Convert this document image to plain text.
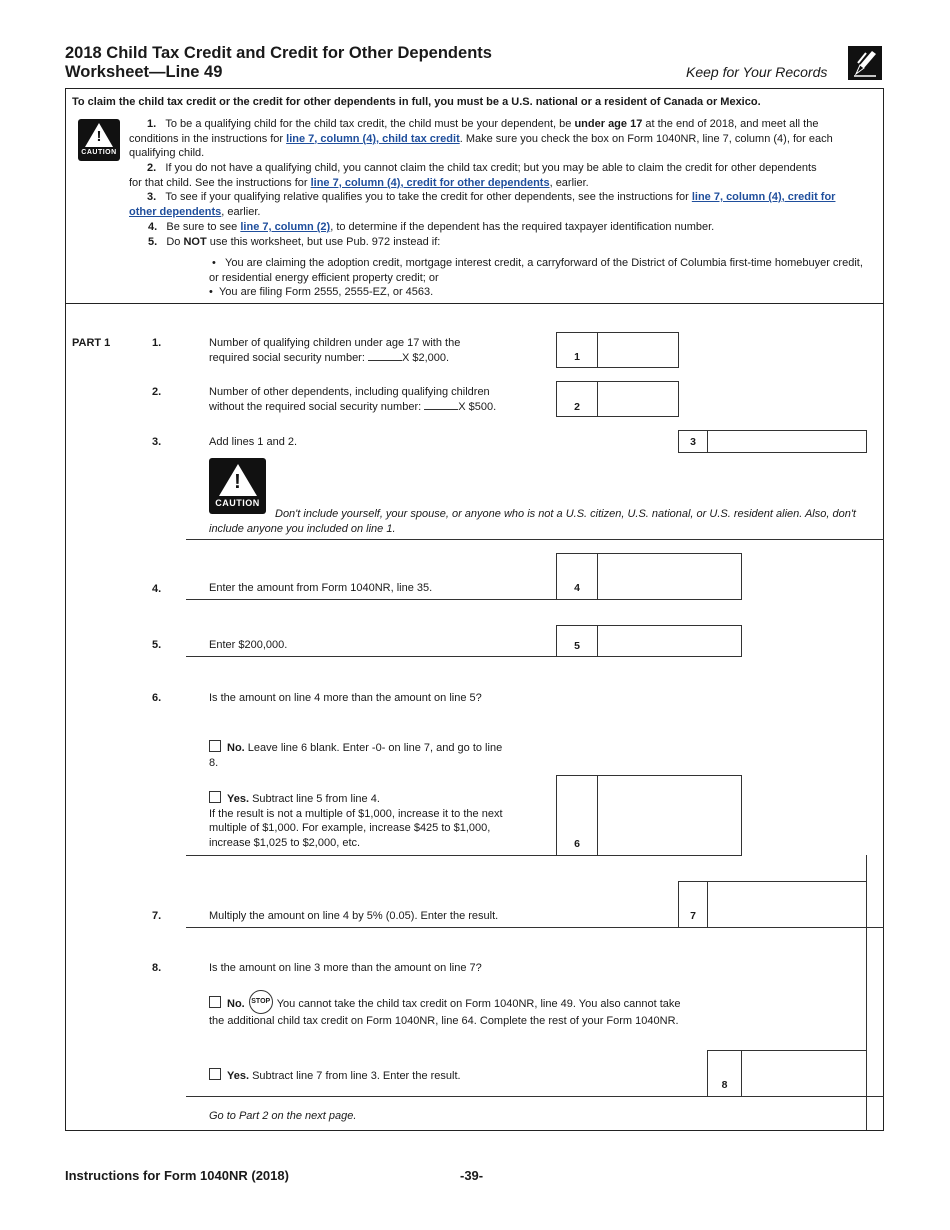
2018 Child Tax Credit and Credit for Other Dependents
Worksheet—Line 49	Keep for Your Records
To claim the child tax credit or the credit for other dependents in full, you must be a U.S. national or a resident of Canada or Mexico.
!
CAUTION
1. To be a qualifying child for the child tax credit, the child must be your dependent, be under age 17 at the end of 2018, and meet all the conditions in the instructions for line 7, column (4), child tax credit. Make sure you check the box on Form 1040NR, line 7, column (4), for each qualifying child.
2. If you do not have a qualifying child, you cannot claim the child tax credit; but you may be able to claim the credit for other dependents for that child. See the instructions for line 7, column (4), credit for other dependents, earlier.
3. To see if your qualifying relative qualifies you to take the credit for other dependents, see the instructions for line 7, column (4), credit for other dependents, earlier.
4. Be sure to see line 7, column (2), to determine if the dependent has the required taxpayer identification number.
5. Do NOT use this worksheet, but use Pub. 972 instead if:
• You are claiming the adoption credit, mortgage interest credit, a carryforward of the District of Columbia first-time homebuyer credit, or residential energy efficient property credit; or
• You are filing Form 2555, 2555-EZ, or 4563.
PART 1	1.	Number of qualifying children under age 17 with the
required social security number:	X $2,000.	1
2.	Number of other dependents, including qualifying children
without the required social security number:	X $500.	2
3.	Add lines 1 and 2.	3
!
CAUTION
Don't include yourself, your spouse, or anyone who is not a U.S. citizen, U.S. national, or U.S. resident alien. Also, don't include anyone you included on line 1.
4.	Enter the amount from Form 1040NR, line 35.	4
5.	Enter $200,000.	5
6.	Is the amount on line 4 more than the amount on line 5?
No. Leave line 6 blank. Enter -0- on line 7, and go to line 8.
Yes. Subtract line 5 from line 4.
If the result is not a multiple of $1,000, increase it to the next multiple of $1,000. For example, increase $425 to $1,000, increase $1,025 to $2,000, etc.	6
7.	Multiply the amount on line 4 by 5% (0.05). Enter the result.	7
8.	Is the amount on line 3 more than the amount on line 7?
No. STOP You cannot take the child tax credit on Form 1040NR, line 49. You also cannot take the additional child tax credit on Form 1040NR, line 64. Complete the rest of your Form 1040NR.
Yes. Subtract line 7 from line 3. Enter the result.
8
Go to Part 2 on the next page.
Instructions for Form 1040NR (2018)	-39-
